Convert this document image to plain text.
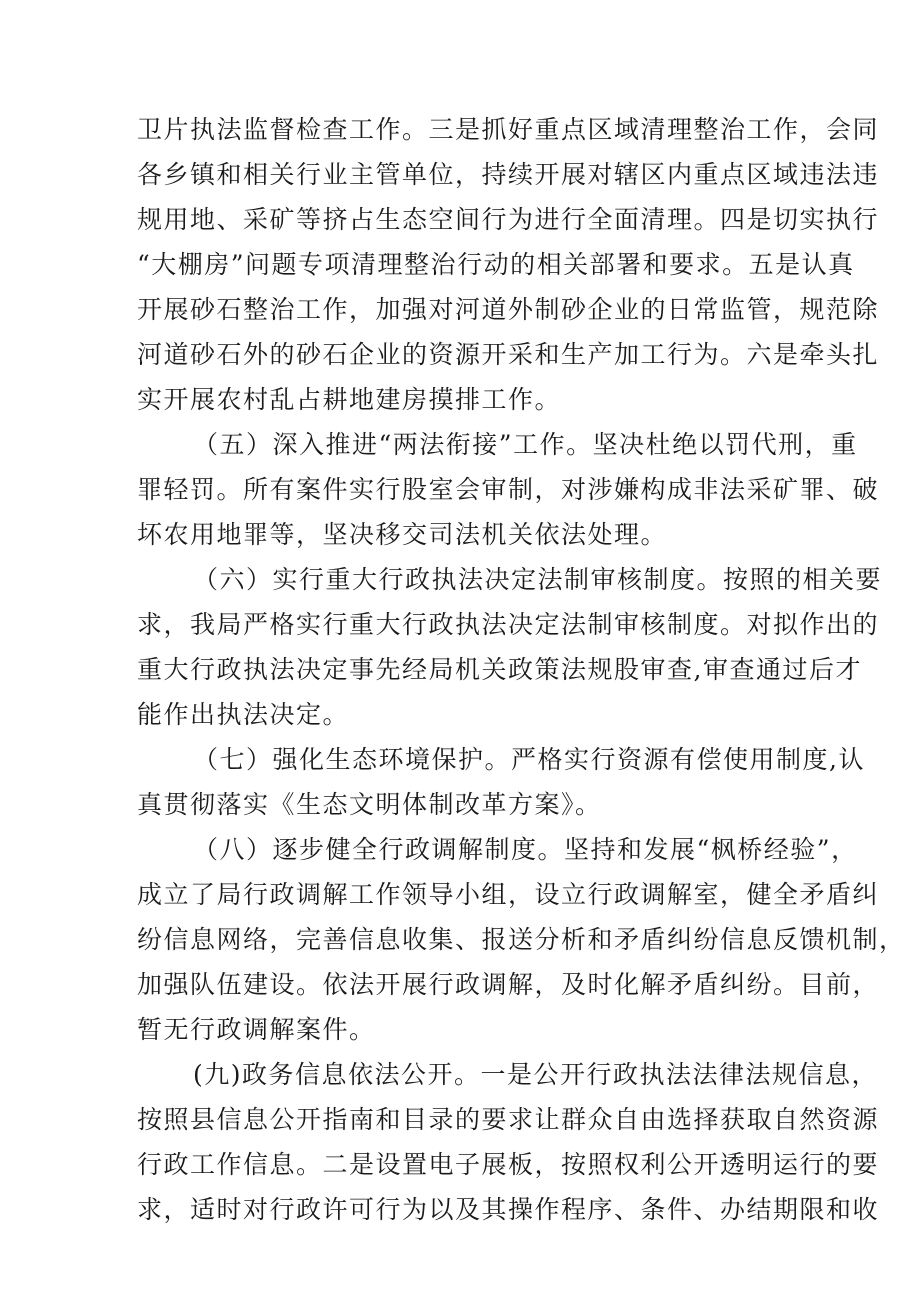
卫片执法监督检查工作。三是抓好重点区域清理整治工作，会同
各乡镇和相关行业主管单位，持续开展对辖区内重点区域违法违
规用地、采矿等挤占生态空间行为进行全面清理。四是切实执行
“大棚房”问题专项清理整治行动的相关部署和要求。五是认真
开展砂石整治工作，加强对河道外制砂企业的日常监管，规范除
河道砂石外的砂石企业的资源开采和生产加工行为。六是牵头扎
实开展农村乱占耕地建房摸排工作。
（五）深入推进“两法衔接”工作。坚决杜绝以罚代刑，重
罪轻罚。所有案件实行股室会审制，对涉嫌构成非法采矿罪、破
坏农用地罪等，坚决移交司法机关依法处理。
（六）实行重大行政执法决定法制审核制度。按照的相关要
求，我局严格实行重大行政执法决定法制审核制度。对拟作出的
重大行政执法决定事先经局机关政策法规股审查,审查通过后才
能作出执法决定。
（七）强化生态环境保护。严格实行资源有偿使用制度,认
真贯彻落实《生态文明体制改革方案》。
（八）逐步健全行政调解制度。坚持和发展“枫桥经验”，
成立了局行政调解工作领导小组，设立行政调解室，健全矛盾纠
纷信息网络，完善信息收集、报送分析和矛盾纠纷信息反馈机制，
加强队伍建设。依法开展行政调解，及时化解矛盾纠纷。目前，
暂无行政调解案件。
(九)政务信息依法公开。一是公开行政执法法律法规信息，
按照县信息公开指南和目录的要求让群众自由选择获取自然资源
行政工作信息。二是设置电子展板，按照权利公开透明运行的要
求，适时对行政许可行为以及其操作程序、条件、办结期限和收
